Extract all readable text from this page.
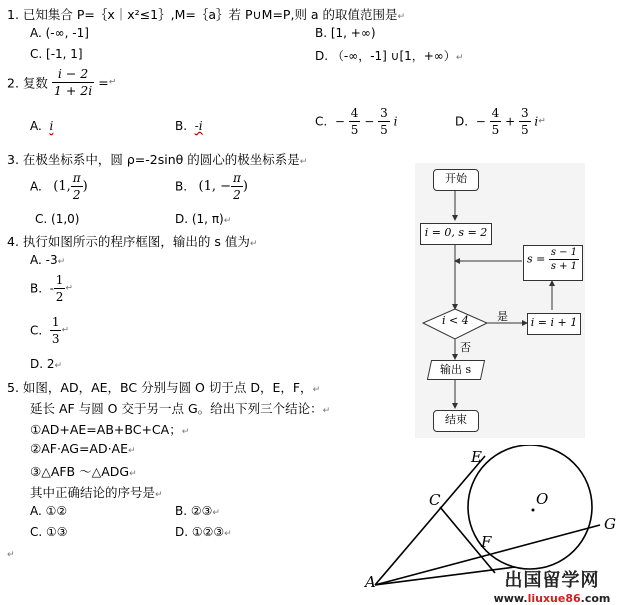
1. 已知集合 P=｛x｜x²≤1｝,M=｛a｝若 P∪M=P,则 a 的取值范围是↵
A. (-∞, -1]	B. [1, +∞)
C. [-1, 1]	D. （-∞，-1] ∪[1，+∞）↵
2. 复数 $\frac{i - 2}{1 + 2i}$ =↵
A. i	B. -i	C. − $\frac{4}{5} - \frac{3}{5}$ i	D. − $\frac{4}{5} + \frac{3}{5}$ i↵
3. 在极坐标系中，圆 ρ=-2sinθ 的圆心的极坐标系是↵
A. (1, $\frac{\pi}{2}$ )	B. (1, − $\frac{\pi}{2}$ )
C. (1,0)	D. (1, π)↵
4. 执行如图所示的程序框图，输出的 s 值为↵
A. -3↵
B. - $\frac{1}{2}$ ↵
C. $\frac{1}{3}$ ↵
D. 2↵
5. 如图，AD，AE，BC 分别与圆 O 切于点 D，E，F，↵
延长 AF 与圆 O 交于另一点 G。给出下列三个结论：↵
①AD+AE=AB+BC+CA；↵
②AF·AG=AD·AE↵
③△AFB ～△ADG↵
其中正确结论的序号是↵
A. ①②	B. ②③↵
C. ①③	D. ①②③↵
↵
开始
i = 0, s = 2
$s = \frac{s - 1}{s + 1}$
i < 4	是
否
i = i + 1
输出 s
结束
E
C	O
F
G
A	出国留学网
www.liuxue86.com
